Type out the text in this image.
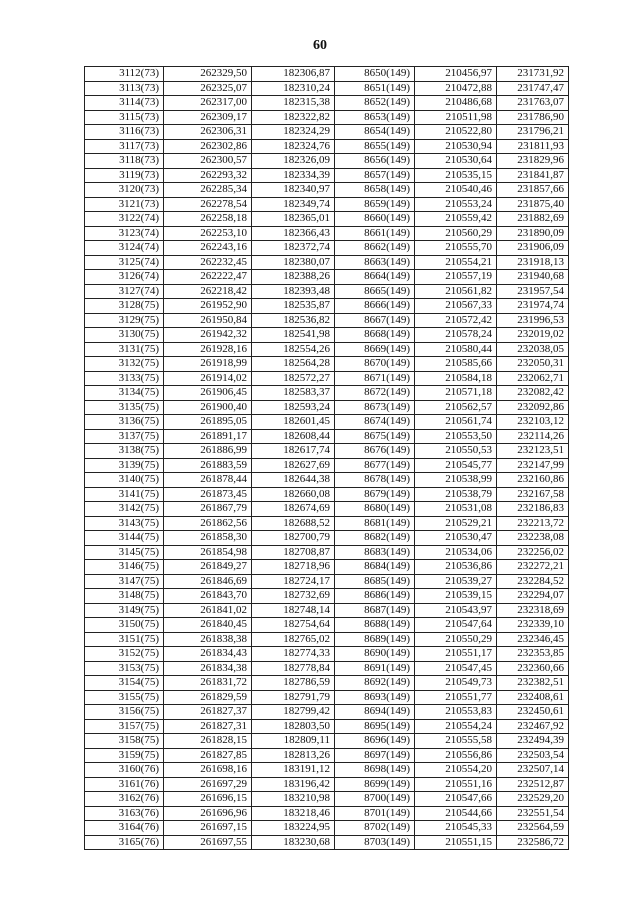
60
3112(73)	262329,50	182306,87	8650(149)	210456,97	231731,92
3113(73)	262325,07	182310,24	8651(149)	210472,88	231747,47
3114(73)	262317,00	182315,38	8652(149)	210486,68	231763,07
3115(73)	262309,17	182322,82	8653(149)	210511,98	231786,90
3116(73)	262306,31	182324,29	8654(149)	210522,80	231796,21
3117(73)	262302,86	182324,76	8655(149)	210530,94	231811,93
3118(73)	262300,57	182326,09	8656(149)	210530,64	231829,96
3119(73)	262293,32	182334,39	8657(149)	210535,15	231841,87
3120(73)	262285,34	182340,97	8658(149)	210540,46	231857,66
3121(73)	262278,54	182349,74	8659(149)	210553,24	231875,40
3122(74)	262258,18	182365,01	8660(149)	210559,42	231882,69
3123(74)	262253,10	182366,43	8661(149)	210560,29	231890,09
3124(74)	262243,16	182372,74	8662(149)	210555,70	231906,09
3125(74)	262232,45	182380,07	8663(149)	210554,21	231918,13
3126(74)	262222,47	182388,26	8664(149)	210557,19	231940,68
3127(74)	262218,42	182393,48	8665(149)	210561,82	231957,54
3128(75)	261952,90	182535,87	8666(149)	210567,33	231974,74
3129(75)	261950,84	182536,82	8667(149)	210572,42	231996,53
3130(75)	261942,32	182541,98	8668(149)	210578,24	232019,02
3131(75)	261928,16	182554,26	8669(149)	210580,44	232038,05
3132(75)	261918,99	182564,28	8670(149)	210585,66	232050,31
3133(75)	261914,02	182572,27	8671(149)	210584,18	232062,71
3134(75)	261906,45	182583,37	8672(149)	210571,18	232082,42
3135(75)	261900,40	182593,24	8673(149)	210562,57	232092,86
3136(75)	261895,05	182601,45	8674(149)	210561,74	232103,12
3137(75)	261891,17	182608,44	8675(149)	210553,50	232114,26
3138(75)	261886,99	182617,74	8676(149)	210550,53	232123,51
3139(75)	261883,59	182627,69	8677(149)	210545,77	232147,99
3140(75)	261878,44	182644,38	8678(149)	210538,99	232160,86
3141(75)	261873,45	182660,08	8679(149)	210538,79	232167,58
3142(75)	261867,79	182674,69	8680(149)	210531,08	232186,83
3143(75)	261862,56	182688,52	8681(149)	210529,21	232213,72
3144(75)	261858,30	182700,79	8682(149)	210530,47	232238,08
3145(75)	261854,98	182708,87	8683(149)	210534,06	232256,02
3146(75)	261849,27	182718,96	8684(149)	210536,86	232272,21
3147(75)	261846,69	182724,17	8685(149)	210539,27	232284,52
3148(75)	261843,70	182732,69	8686(149)	210539,15	232294,07
3149(75)	261841,02	182748,14	8687(149)	210543,97	232318,69
3150(75)	261840,45	182754,64	8688(149)	210547,64	232339,10
3151(75)	261838,38	182765,02	8689(149)	210550,29	232346,45
3152(75)	261834,43	182774,33	8690(149)	210551,17	232353,85
3153(75)	261834,38	182778,84	8691(149)	210547,45	232360,66
3154(75)	261831,72	182786,59	8692(149)	210549,73	232382,51
3155(75)	261829,59	182791,79	8693(149)	210551,77	232408,61
3156(75)	261827,37	182799,42	8694(149)	210553,83	232450,61
3157(75)	261827,31	182803,50	8695(149)	210554,24	232467,92
3158(75)	261828,15	182809,11	8696(149)	210555,58	232494,39
3159(75)	261827,85	182813,26	8697(149)	210556,86	232503,54
3160(76)	261698,16	183191,12	8698(149)	210554,20	232507,14
3161(76)	261697,29	183196,42	8699(149)	210551,16	232512,87
3162(76)	261696,15	183210,98	8700(149)	210547,66	232529,20
3163(76)	261696,96	183218,46	8701(149)	210544,66	232551,54
3164(76)	261697,15	183224,95	8702(149)	210545,33	232564,59
3165(76)	261697,55	183230,68	8703(149)	210551,15	232586,72
